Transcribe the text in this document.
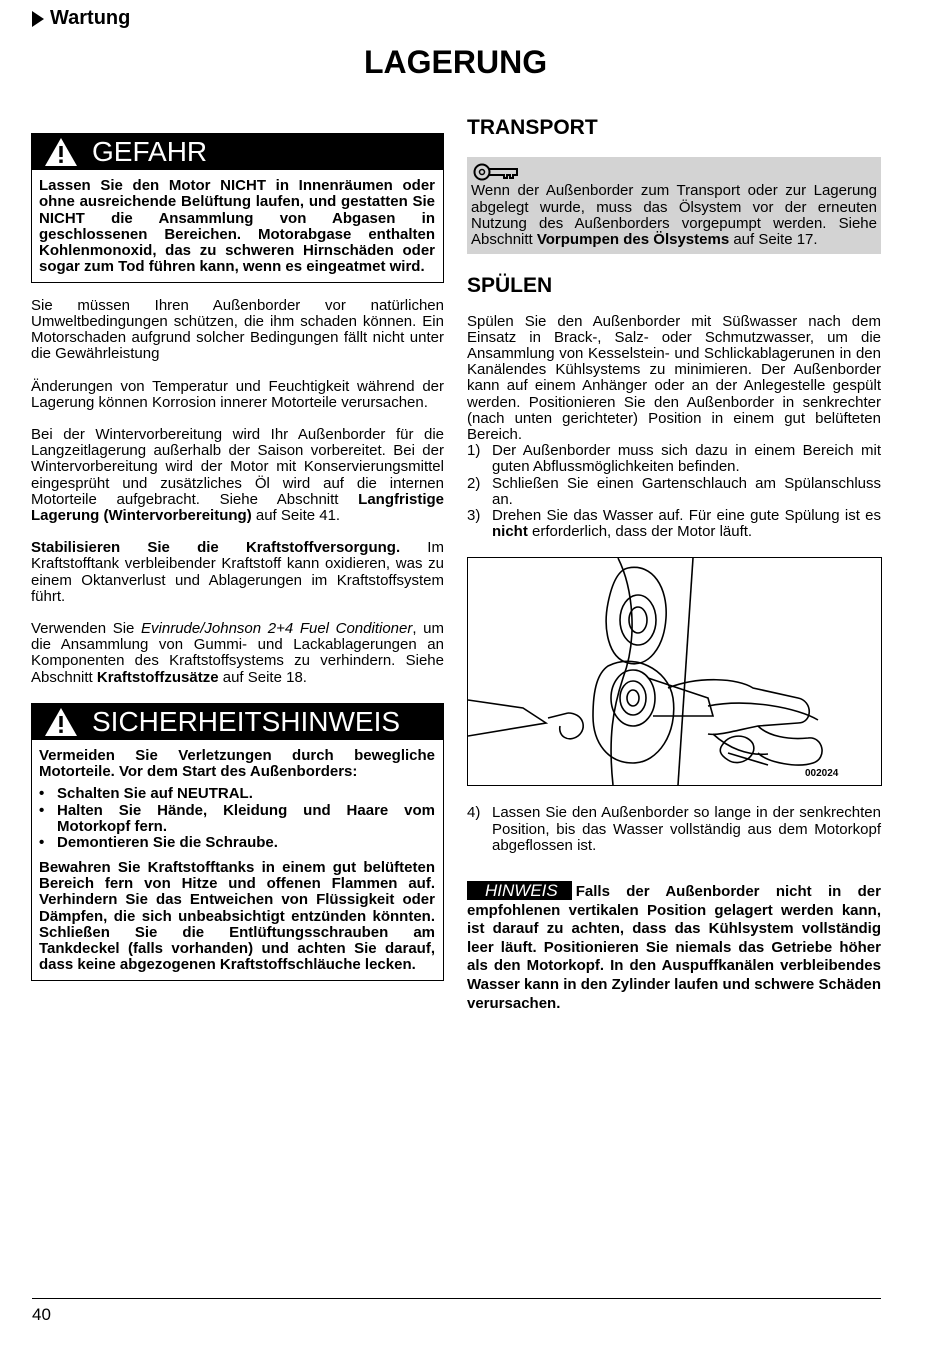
Wartung
LAGERUNG
GEFAHR

Lassen Sie den Motor NICHT in Innenräumen oder ohne ausreichende Belüftung laufen, und gestatten Sie NICHT die Ansammlung von Abgasen in geschlossenen Bereichen. Motorabgase enthalten Kohlenmonoxid, das zu schweren Hirnschäden oder sogar zum Tod führen kann, wenn es eingeatmet wird.

Sie müssen Ihren Außenborder vor natürlichen Umweltbedingungen schützen, die ihm schaden können. Ein Motorschaden aufgrund solcher Bedingungen fällt nicht unter die Gewährleistung

Änderungen von Temperatur und Feuchtigkeit während der Lagerung können Korrosion innerer Motorteile verursachen.

Bei der Wintervorbereitung wird Ihr Außenborder für die Langzeitlagerung außerhalb der Saison vorbereitet. Bei der Wintervorbereitung wird der Motor mit Konservierungsmittel eingesprüht und zusätzliches Öl wird auf die internen Motorteile aufgebracht. Siehe Abschnitt Langfristige Lagerung (Wintervorbereitung) auf Seite 41.

Stabilisieren Sie die Kraftstoffversorgung. Im Kraftstofftank verbleibender Kraftstoff kann oxidieren, was zu einem Oktanverlust und Ablagerungen im Kraftstoffsystem führt.

Verwenden Sie Evinrude/Johnson 2+4 Fuel Conditioner, um die Ansammlung von Gummi- und Lackablagerungen an Komponenten des Kraftstoffsystems zu verhindern. Siehe Abschnitt Kraftstoffzusätze auf Seite 18.

SICHERHEITSHINWEIS

Vermeiden Sie Verletzungen durch bewegliche Motorteile. Vor dem Start des Außenborders:

• Schalten Sie auf NEUTRAL.
• Halten Sie Hände, Kleidung und Haare vom Motorkopf fern.
• Demontieren Sie die Schraube.

Bewahren Sie Kraftstofftanks in einem gut belüfteten Bereich fern von Hitze und offenen Flammen auf. Verhindern Sie das Entweichen von Flüssigkeit oder Dämpfen, die sich unbeabsichtigt entzünden könnten. Schließen Sie die Entlüftungsschrauben am Tankdeckel (falls vorhanden) und achten Sie darauf, dass keine abgezogenen Kraftstoffschläuche lecken.

TRANSPORT

Wenn der Außenborder zum Transport oder zur Lagerung abgelegt wurde, muss das Ölsystem vor der erneuten Nutzung des Außenborders vorgepumpt werden. Siehe Abschnitt Vorpumpen des Ölsystems auf Seite 17.

SPÜLEN

Spülen Sie den Außenborder mit Süßwasser nach dem Einsatz in Brack-, Salz- oder Schmutzwasser, um die Ansammlung von Kesselstein- und Schlickablagerunen in den Kanälendes Kühlsystems zu minimieren. Der Außenborder kann auf einem Anhänger oder an der Anlegestelle gespült werden. Positionieren Sie den Außenborder in senkrechter (nach unten gerichteter) Position in einem gut belüfteten Bereich.

1) Der Außenborder muss sich dazu in einem Bereich mit guten Abflussmöglichkeiten befinden.
2) Schließen Sie einen Gartenschlauch am Spülanschluss an.
3) Drehen Sie das Wasser auf. Für eine gute Spülung ist es nicht erforderlich, dass der Motor läuft.
002024
4) Lassen Sie den Außenborder so lange in der senkrechten Position, bis das Wasser vollständig aus dem Motorkopf abgeflossen ist.

HINWEIS Falls der Außenborder nicht in der empfohlenen vertikalen Position gelagert werden kann, ist darauf zu achten, dass das Kühlsystem vollständig leer läuft. Positionieren Sie niemals das Getriebe höher als den Motorkopf. In den Auspuffkanälen verbleibendes Wasser kann in den Zylinder laufen und schwere Schäden verursachen.

40
